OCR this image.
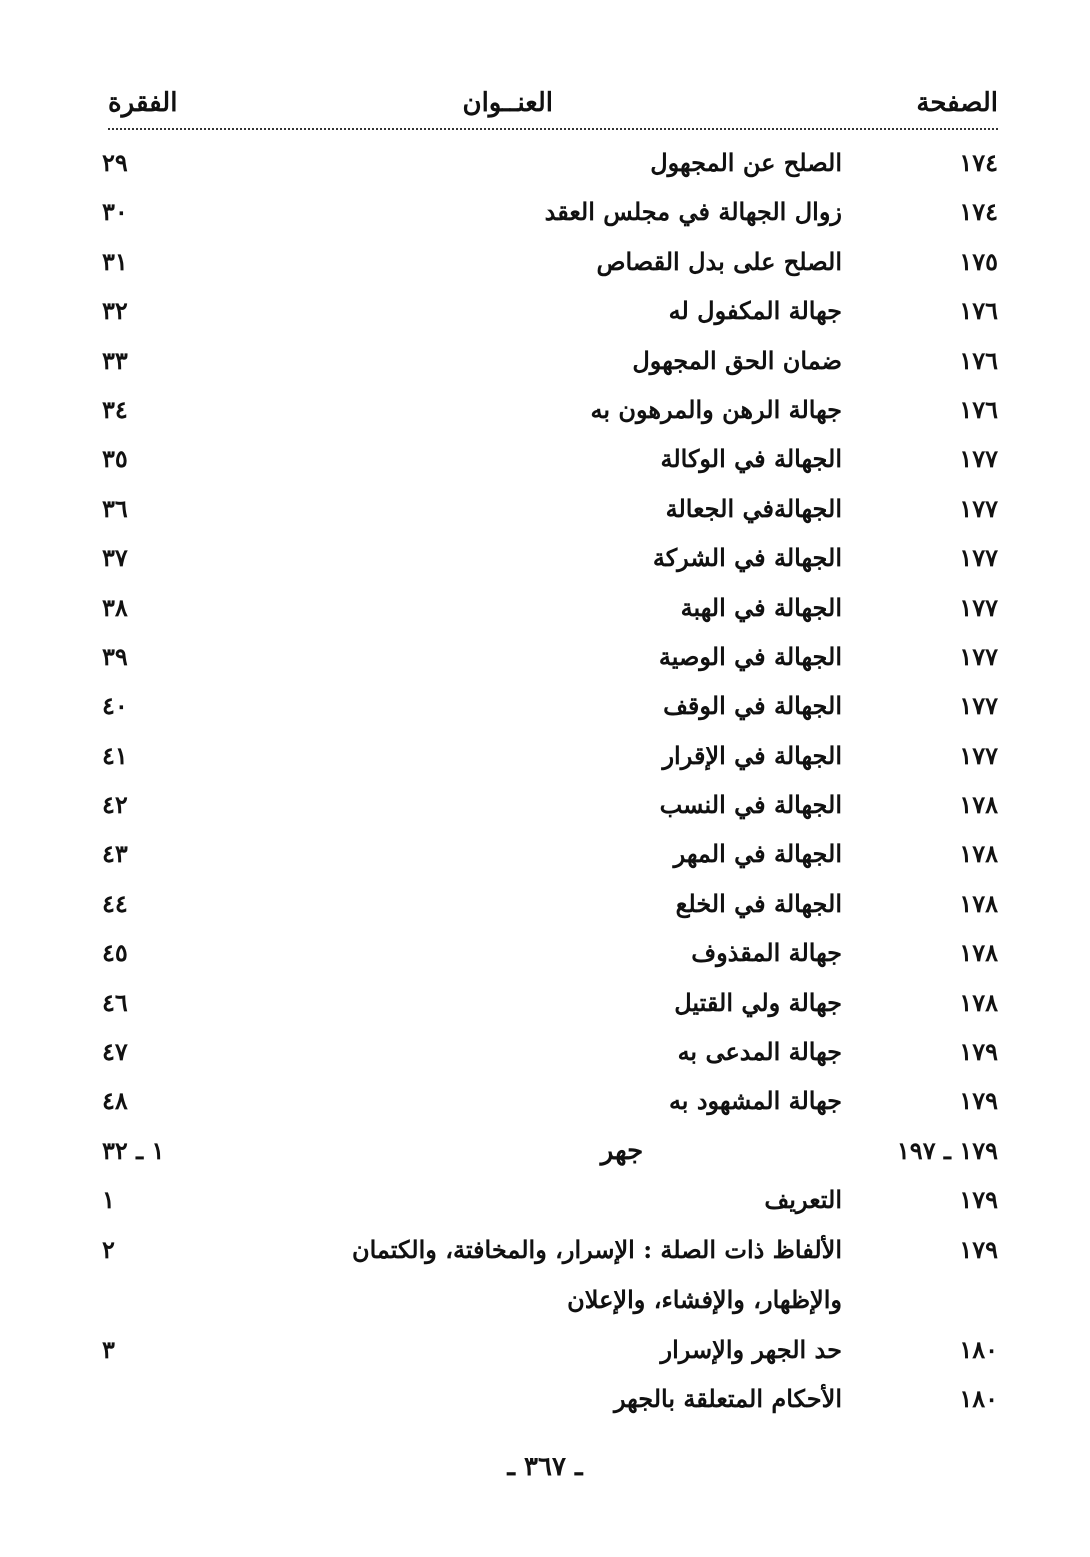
الصفحة
العنــوان
الفقرة
١٧٤
الصلح عن المجهول
٢٩
١٧٤
زوال الجهالة في مجلس العقد
٣٠
١٧٥
الصلح على بدل القصاص
٣١
١٧٦
جهالة المكفول له
٣٢
١٧٦
ضمان الحق المجهول
٣٣
١٧٦
جهالة الرهن والمرهون به
٣٤
١٧٧
الجهالة في الوكالة
٣٥
١٧٧
الجهالةفي الجعالة
٣٦
١٧٧
الجهالة في الشركة
٣٧
١٧٧
الجهالة في الهبة
٣٨
١٧٧
الجهالة في الوصية
٣٩
١٧٧
الجهالة في الوقف
٤٠
١٧٧
الجهالة في الإقرار
٤١
١٧٨
الجهالة في النسب
٤٢
١٧٨
الجهالة في المهر
٤٣
١٧٨
الجهالة في الخلع
٤٤
١٧٨
جهالة المقذوف
٤٥
١٧٨
جهالة ولي القتيل
٤٦
١٧٩
جهالة المدعى به
٤٧
١٧٩
جهالة المشهود به
٤٨
١٧٩ ـ ١٩٧
جهر
١ ـ ٣٢
١٧٩
التعريف
١
١٧٩
الألفاظ ذات الصلة : الإسرار، والمخافتة، والكتمان والإظهار، والإفشاء، والإعلان
٢
١٨٠
حد الجهر والإسرار
٣
١٨٠
الأحكام المتعلقة بالجهر
ـ ٣٦٧ ـ
